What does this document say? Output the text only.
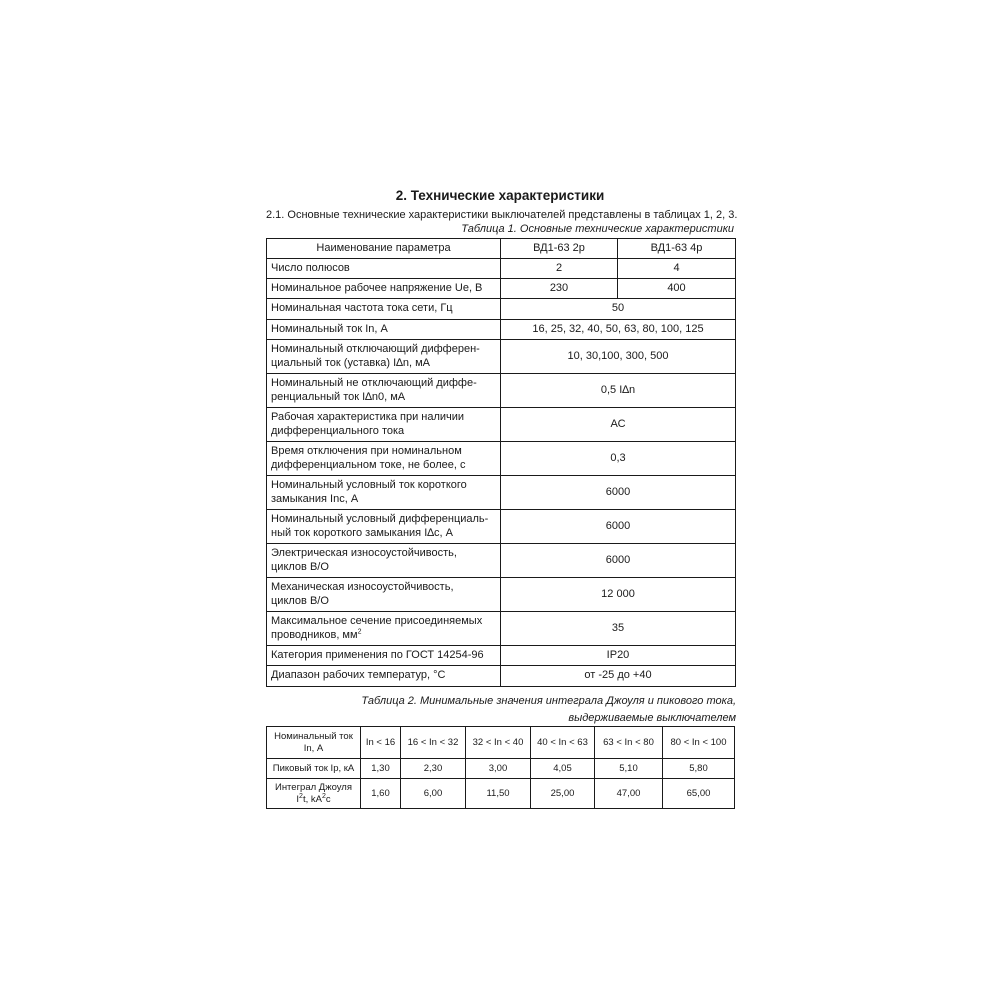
2. Технические характеристики
2.1. Основные технические характеристики выключателей представлены в таблицах 1, 2, 3.
Таблица 1. Основные технические характеристики
Наименование параметра	ВД1-63 2р	ВД1-63 4р
Число полюсов	2	4
Номинальное рабочее напряжение Ue, В	230	400
Номинальная частота тока сети, Гц	50	
Номинальный ток In, А	16, 25, 32, 40, 50, 63, 80, 100, 125	
Номинальный отключающий дифферен-
циальный ток (уставка) I∆n, мА	10, 30,100, 300, 500	
Номинальный не отключающий диффе-
ренциальный ток I∆n0, мА	0,5 I∆n	
Рабочая характеристика при наличии
дифференциального тока	АС	
Время отключения при номинальном
дифференциальном токе, не более, с	0,3	
Номинальный условный ток короткого
замыкания Inc, А	6000	
Номинальный условный дифференциаль-
ный ток короткого замыкания I∆c, А	6000	
Электрическая износоустойчивость,
циклов В/О	6000	
Механическая износоустойчивость,
циклов В/О	12 000	
Максимальное сечение присоединяемых
проводников, $мм^2$	35	
Категория применения по ГОСТ 14254-96	IP20	
Диапазон рабочих температур, °С	от -25 до +40	
Таблица 2. Минимальные значения интеграла Джоуля и пикового тока,
выдерживаемые выключателем
Номинальный ток
In, А	In < 16	16 < In < 32	32 < In < 40	40 < In < 63	63 < In < 80	80 < In < 100
Пиковый ток Ip, кА	1,30	2,30	3,00	4,05	5,10	5,80
Интеграл Джоуля
$I^2t$, $kA^2с$	1,60	6,00	11,50	25,00	47,00	65,00
